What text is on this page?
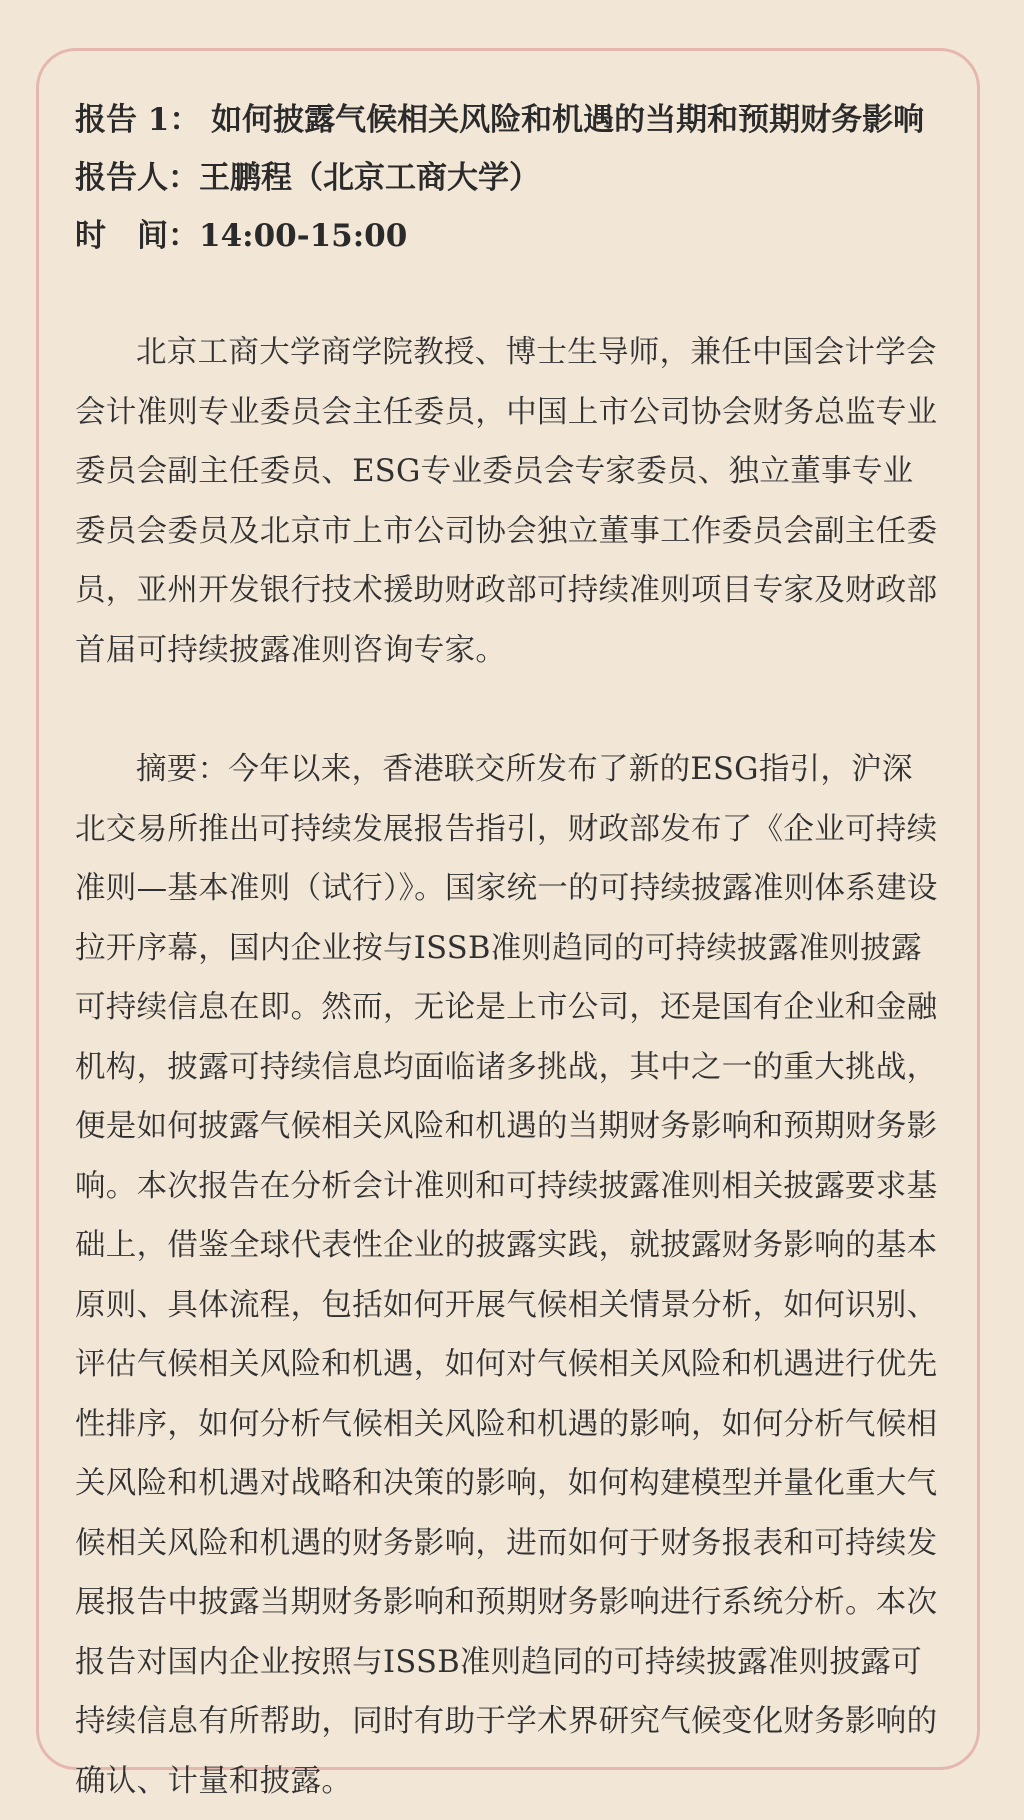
报告 1： 如何披露气候相关风险和机遇的当期和预期财务影响
报告人：王鹏程（北京工商大学）
时　间：14:00-15:00

北京工商大学商学院教授、博士生导师，兼任中国会计学会会计准则专业委员会主任委员，中国上市公司协会财务总监专业委员会副主任委员、ESG专业委员会专家委员、独立董事专业委员会委员及北京市上市公司协会独立董事工作委员会副主任委员，亚州开发银行技术援助财政部可持续准则项目专家及财政部首届可持续披露准则咨询专家。

摘要：今年以来，香港联交所发布了新的ESG指引，沪深北交易所推出可持续发展报告指引，财政部发布了《企业可持续准则—基本准则（试行）》。国家统一的可持续披露准则体系建设拉开序幕，国内企业按与ISSB准则趋同的可持续披露准则披露可持续信息在即。然而，无论是上市公司，还是国有企业和金融机构，披露可持续信息均面临诸多挑战，其中之一的重大挑战，便是如何披露气候相关风险和机遇的当期财务影响和预期财务影响。本次报告在分析会计准则和可持续披露准则相关披露要求基础上，借鉴全球代表性企业的披露实践，就披露财务影响的基本原则、具体流程，包括如何开展气候相关情景分析，如何识别、评估气候相关风险和机遇，如何对气候相关风险和机遇进行优先性排序，如何分析气候相关风险和机遇的影响，如何分析气候相关风险和机遇对战略和决策的影响，如何构建模型并量化重大气候相关风险和机遇的财务影响，进而如何于财务报表和可持续发展报告中披露当期财务影响和预期财务影响进行系统分析。本次报告对国内企业按照与ISSB准则趋同的可持续披露准则披露可持续信息有所帮助，同时有助于学术界研究气候变化财务影响的确认、计量和披露。
